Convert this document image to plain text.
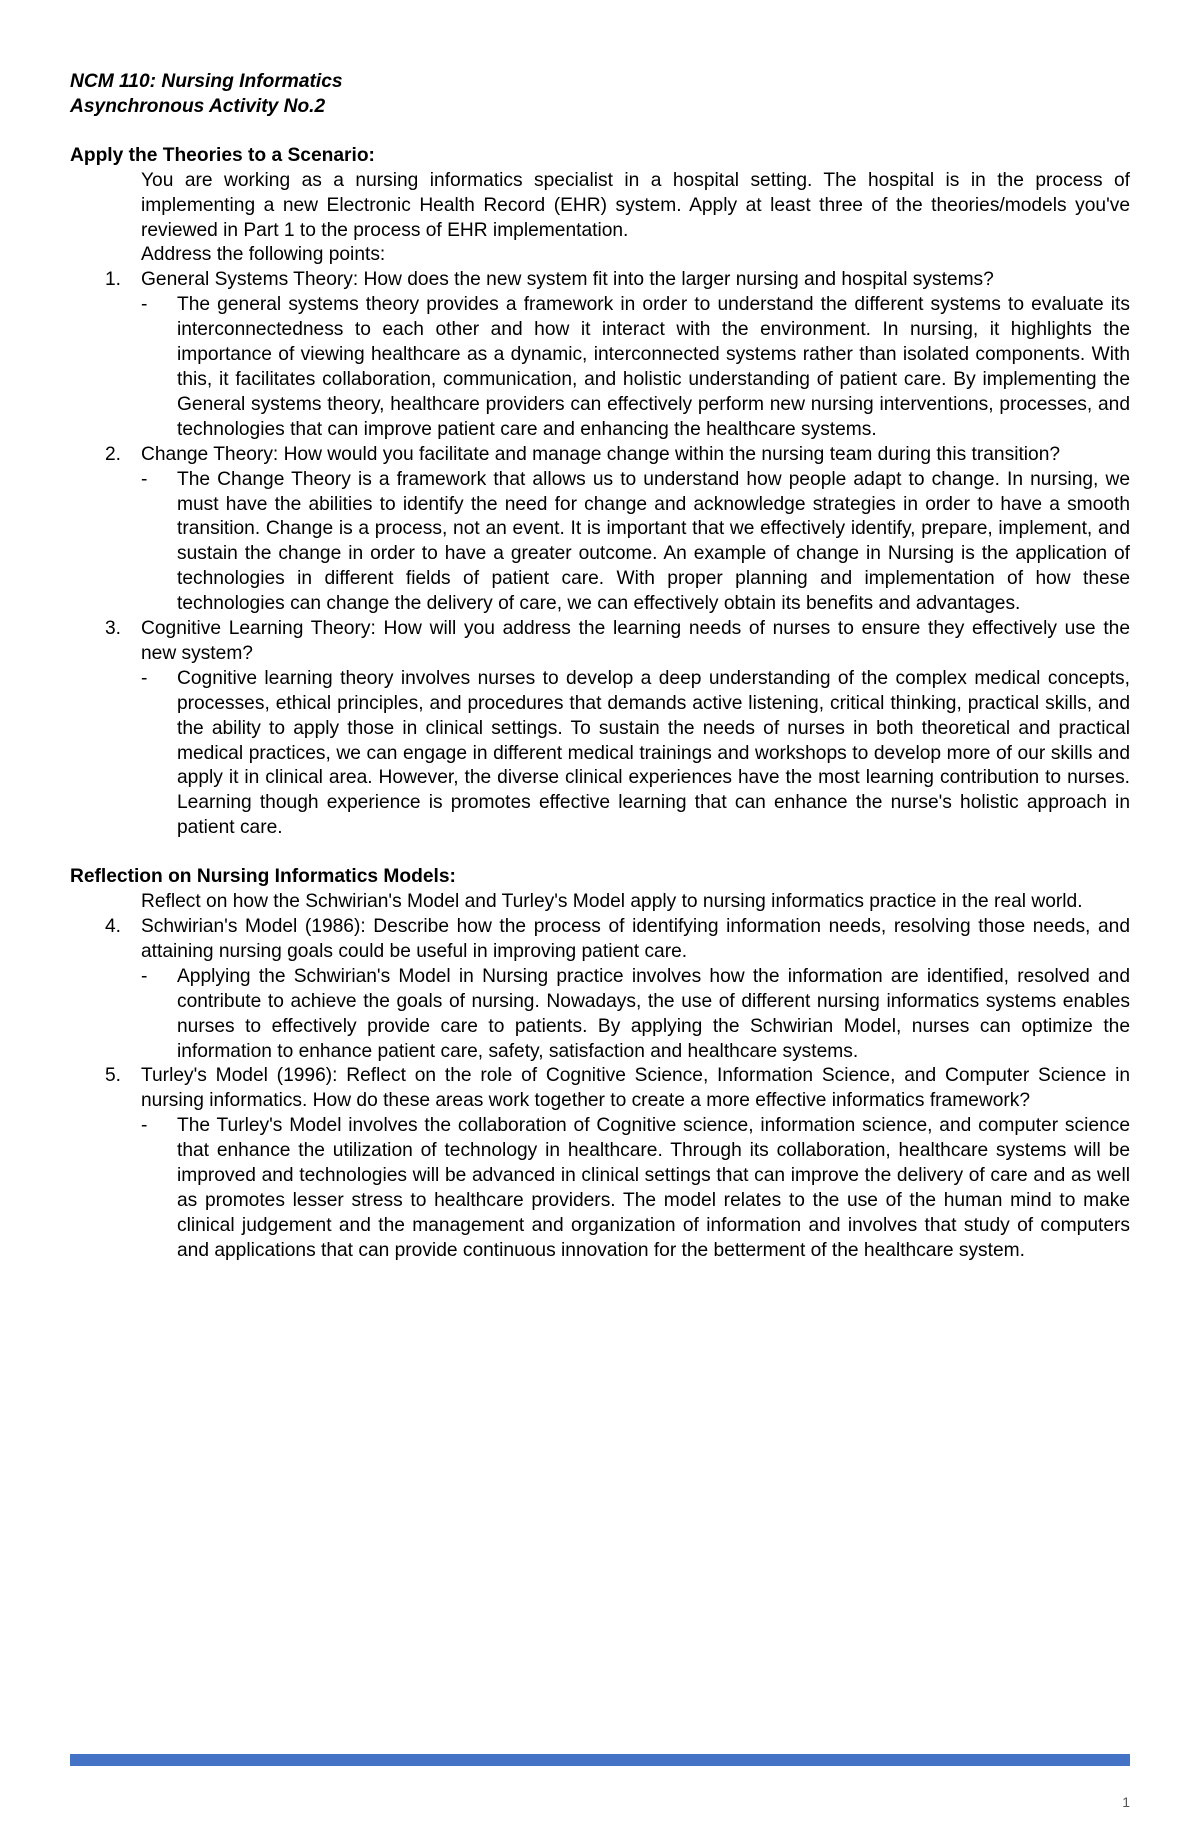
NCM 110: Nursing Informatics
Asynchronous Activity No.2
Apply the Theories to a Scenario:
You are working as a nursing informatics specialist in a hospital setting. The hospital is in the process of implementing a new Electronic Health Record (EHR) system. Apply at least three of the theories/models you've reviewed in Part 1 to the process of EHR implementation.
Address the following points:
1.	General Systems Theory: How does the new system fit into the larger nursing and hospital systems?
-	The general systems theory provides a framework in order to understand the different systems to evaluate its interconnectedness to each other and how it interact with the environment. In nursing, it highlights the importance of viewing healthcare as a dynamic, interconnected systems rather than isolated components. With this, it facilitates collaboration, communication, and holistic understanding of patient care. By implementing the General systems theory, healthcare providers can effectively perform new nursing interventions, processes, and technologies that can improve patient care and enhancing the healthcare systems.
2.	Change Theory: How would you facilitate and manage change within the nursing team during this transition?
-	The Change Theory is a framework that allows us to understand how people adapt to change. In nursing, we must have the abilities to identify the need for change and acknowledge strategies in order to have a smooth transition. Change is a process, not an event. It is important that we effectively identify, prepare, implement, and sustain the change in order to have a greater outcome. An example of change in Nursing is the application of technologies in different fields of patient care. With proper planning and implementation of how these technologies can change the delivery of care, we can effectively obtain its benefits and advantages.
3.	Cognitive Learning Theory: How will you address the learning needs of nurses to ensure they effectively use the new system?
-	Cognitive learning theory involves nurses to develop a deep understanding of the complex medical concepts, processes, ethical principles, and procedures that demands active listening, critical thinking, practical skills, and the ability to apply those in clinical settings. To sustain the needs of nurses in both theoretical and practical medical practices, we can engage in different medical trainings and workshops to develop more of our skills and apply it in clinical area. However, the diverse clinical experiences have the most learning contribution to nurses. Learning though experience is promotes effective learning that can enhance the nurse's holistic approach in patient care.
Reflection on Nursing Informatics Models:
Reflect on how the Schwirian's Model and Turley's Model apply to nursing informatics practice in the real world.
4.	Schwirian's Model (1986): Describe how the process of identifying information needs, resolving those needs, and attaining nursing goals could be useful in improving patient care.
-	Applying the Schwirian's Model in Nursing practice involves how the information are identified, resolved and contribute to achieve the goals of nursing. Nowadays, the use of different nursing informatics systems enables nurses to effectively provide care to patients. By applying the Schwirian Model, nurses can optimize the information to enhance patient care, safety, satisfaction and healthcare systems.
5.	Turley's Model (1996): Reflect on the role of Cognitive Science, Information Science, and Computer Science in nursing informatics. How do these areas work together to create a more effective informatics framework?
-	The Turley's Model involves the collaboration of Cognitive science, information science, and computer science that enhance the utilization of technology in healthcare. Through its collaboration, healthcare systems will be improved and technologies will be advanced in clinical settings that can improve the delivery of care and as well as promotes lesser stress to healthcare providers. The model relates to the use of the human mind to make clinical judgement and the management and organization of information and involves that study of computers and applications that can provide continuous innovation for the betterment of the healthcare system.
1
